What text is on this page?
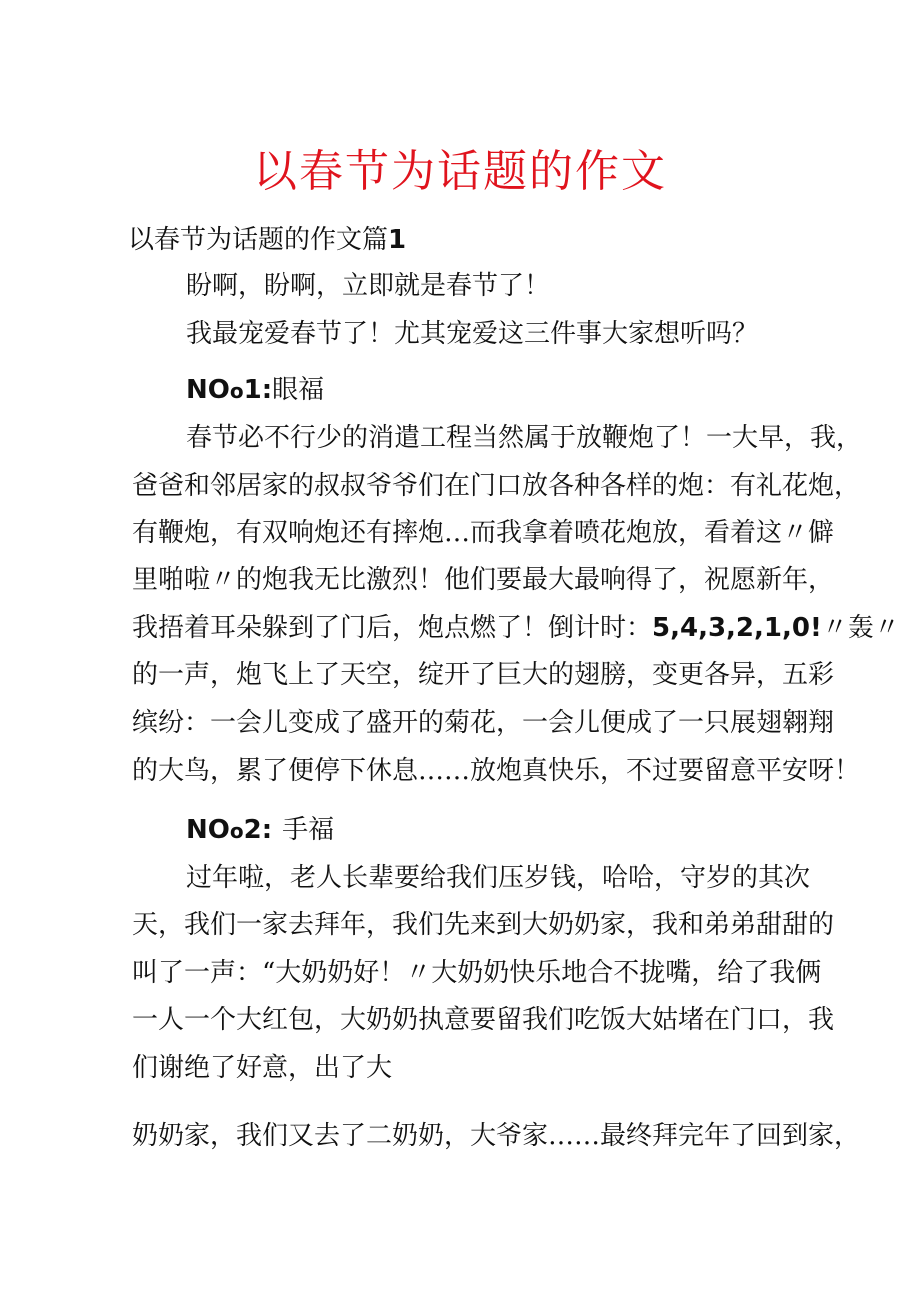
以春节为话题的作文
以春节为话题的作文篇1
盼啊，盼啊，立即就是春节了！
我最宠爱春节了！尤其宠爱这三件事大家想听吗？
NOo1:眼福
春节必不行少的消遣工程当然属于放鞭炮了！一大早，我，
爸爸和邻居家的叔叔爷爷们在门口放各种各样的炮：有礼花炮，
有鞭炮，有双响炮还有摔炮…而我拿着喷花炮放，看着这〃僻
里啪啦〃的炮我无比激烈！他们要最大最响得了，祝愿新年，
我捂着耳朵躲到了门后，炮点燃了！倒计时： 5,4,3,2,1,0! 〃轰〃
的一声，炮飞上了天空，绽开了巨大的翅膀，变更各异，五彩
缤纷：一会儿变成了盛开的菊花，一会儿便成了一只展翅翱翔
的大鸟，累了便停下休息……放炮真快乐，不过要留意平安呀！
NOo2: 手福
过年啦，老人长辈要给我们压岁钱，哈哈，守岁的其次
天，我们一家去拜年，我们先来到大奶奶家，我和弟弟甜甜的
叫了一声：“大奶奶好！〃大奶奶快乐地合不拢嘴，给了我俩
一人一个大红包，大奶奶执意要留我们吃饭大姑堵在门口，我
们谢绝了好意，出了大
奶奶家，我们又去了二奶奶，大爷家……最终拜完年了回到家，
